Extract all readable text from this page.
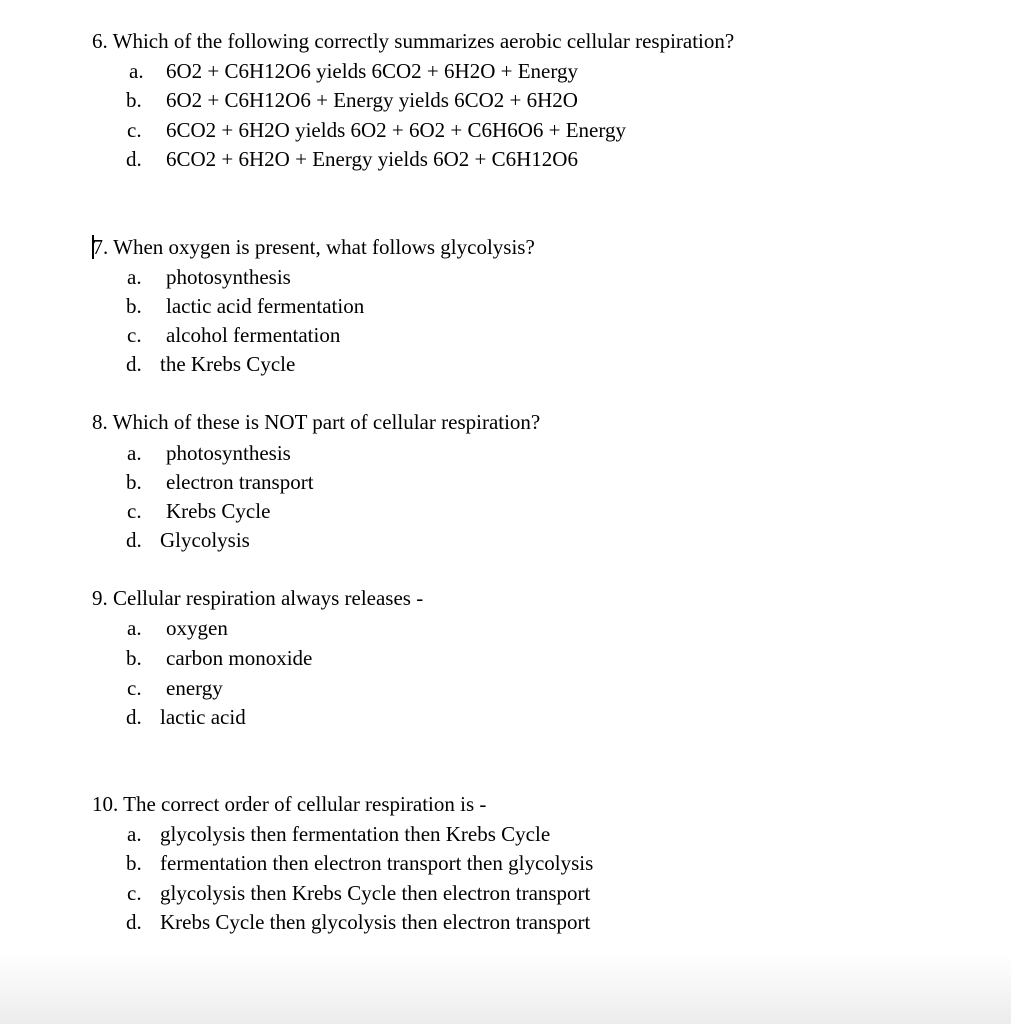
6. Which of the following correctly summarizes aerobic cellular respiration?
a. 6O2 + C6H12O6 yields 6CO2 + 6H2O + Energy
b. 6O2 + C6H12O6 + Energy yields 6CO2 + 6H2O
c. 6CO2 + 6H2O yields 6O2 + 6O2 + C6H6O6 + Energy
d. 6CO2 + 6H2O + Energy yields 6O2 + C6H12O6
7. When oxygen is present, what follows glycolysis?
a. photosynthesis
b. lactic acid fermentation
c. alcohol fermentation
d. the Krebs Cycle
8. Which of these is NOT part of cellular respiration?
a. photosynthesis
b. electron transport
c. Krebs Cycle
d. Glycolysis
9. Cellular respiration always releases -
a. oxygen
b. carbon monoxide
c. energy
d. lactic acid
10. The correct order of cellular respiration is -
a. glycolysis then fermentation then Krebs Cycle
b. fermentation then electron transport then glycolysis
c. glycolysis then Krebs Cycle then electron transport
d. Krebs Cycle then glycolysis then electron transport
